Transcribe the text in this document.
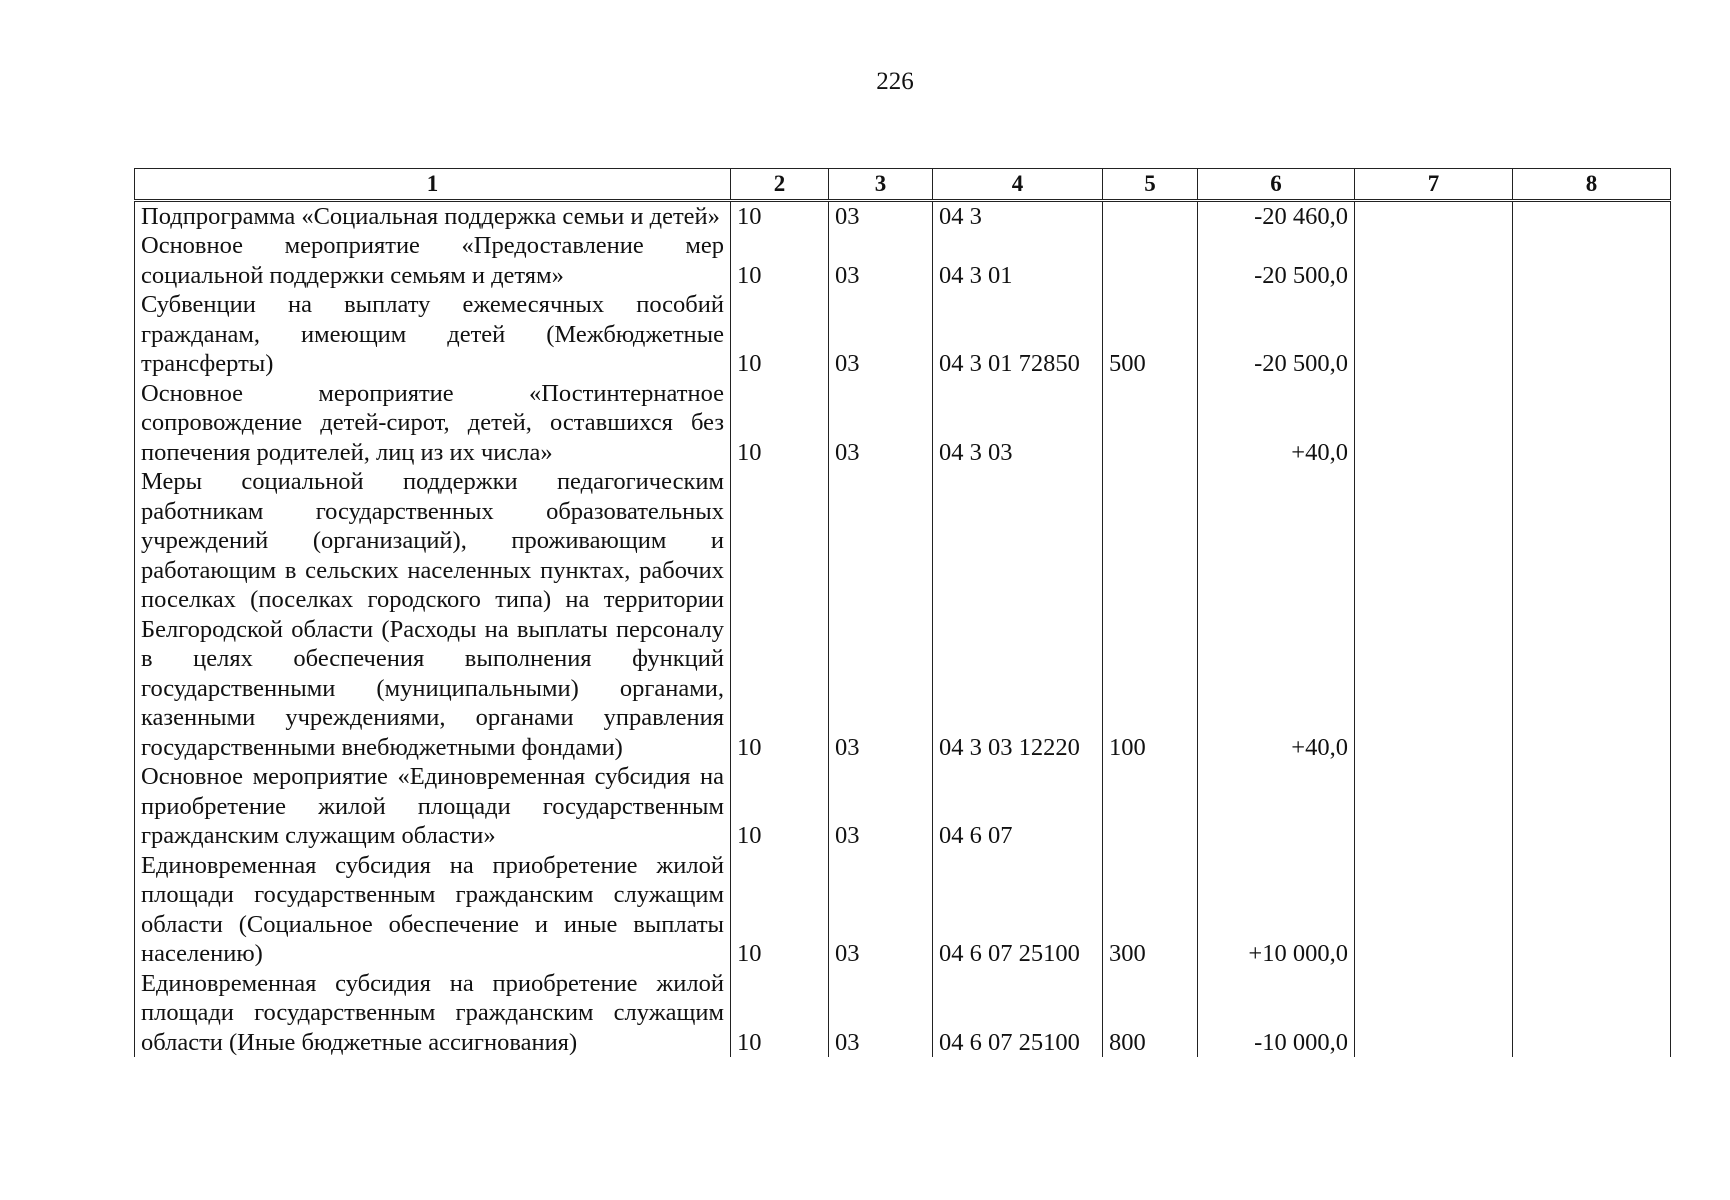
226
1	2	3	4	5	6	7	8
Подпрограмма «Социальная поддержка семьи и детей»	10	03	04 3		-20 460,0		
Основное мероприятие «Предоставление мер социальной поддержки семьям и детям»	10	03	04 3 01		-20 500,0		
Субвенции на выплату ежемесячных пособий гражданам, имеющим детей (Межбюджетные трансферты)	10	03	04 3 01 72850	500	-20 500,0		
Основное мероприятие «Постинтернатное сопровождение детей-сирот, детей, оставшихся без попечения родителей, лиц из их числа»	10	03	04 3 03		+40,0		
Меры социальной поддержки педагогическим работникам государственных образовательных учреждений (организаций), проживающим и работающим в сельских населенных пунктах, рабочих поселках (поселках городского типа) на территории Белгородской области (Расходы на выплаты персоналу в целях обеспечения выполнения функций государственными (муниципальными) органами, казенными учреждениями, органами управления государственными внебюджетными фондами)	10	03	04 3 03 12220	100	+40,0		
Основное мероприятие «Единовременная субсидия на приобретение жилой площади государственным гражданским служащим области»	10	03	04 6 07				
Единовременная субсидия на приобретение жилой площади государственным гражданским служащим области (Социальное обеспечение и иные выплаты населению)	10	03	04 6 07 25100	300	+10 000,0		
Единовременная субсидия на приобретение жилой площади государственным гражданским служащим области (Иные бюджетные ассигнования)	10	03	04 6 07 25100	800	-10 000,0		
